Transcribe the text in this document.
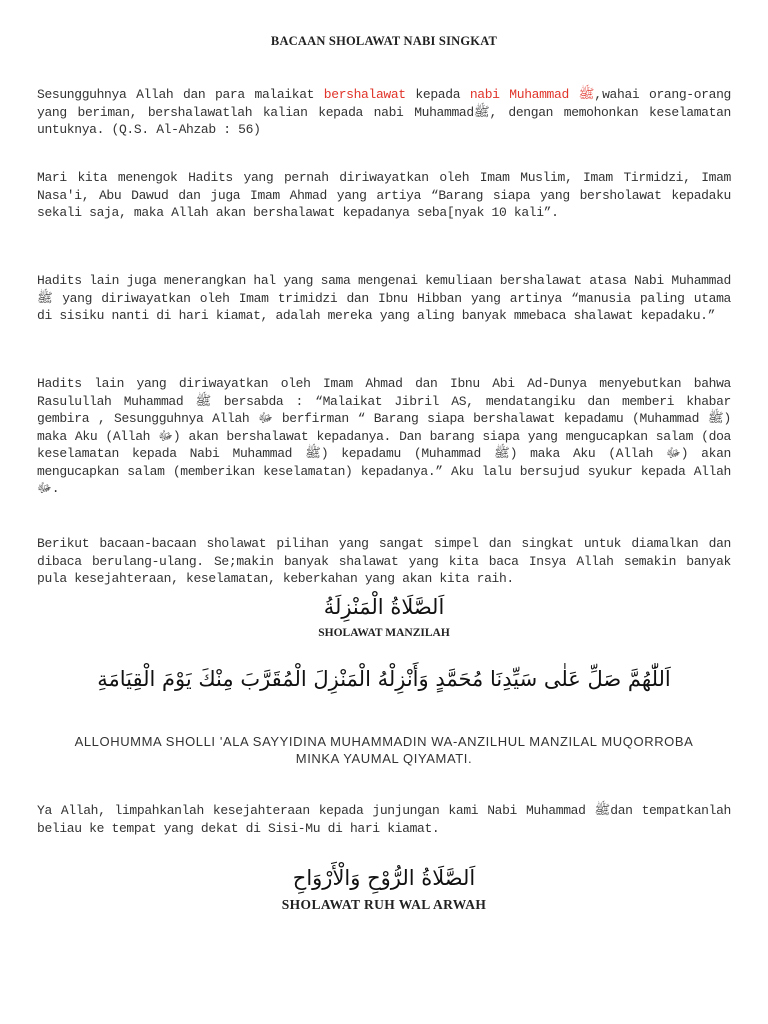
BACAAN SHOLAWAT NABI SINGKAT
Sesungguhnya Allah dan para malaikat bershalawat kepada nabi Muhammad ﷺ,wahai orang-orang yang beriman, bershalawatlah kalian kepada nabi Muhammadﷺ, dengan memohonkan keselamatan untuknya. (Q.S. Al-Ahzab : 56)
Mari kita menengok Hadits yang pernah diriwayatkan oleh Imam Muslim, Imam Tirmidzi, Imam Nasa'i, Abu Dawud dan juga Imam Ahmad yang artiya “Barang siapa yang bersholawat kepadaku sekali saja, maka Allah akan bershalawat kepadanya seba[nyak 10 kali”.
Hadits lain juga menerangkan hal yang sama mengenai kemuliaan bershalawat atasa Nabi Muhammad ﷺ yang diriwayatkan oleh Imam trimidzi dan Ibnu Hibban yang artinya “manusia paling utama di sisiku nanti di hari kiamat, adalah mereka yang aling banyak mmebaca shalawat kepadaku.”
Hadits lain yang diriwayatkan oleh Imam Ahmad dan Ibnu Abi Ad-Dunya menyebutkan bahwa Rasulullah Muhammad ﷺ bersabda : “Malaikat Jibril AS, mendatangiku dan memberi khabar gembira , Sesungguhnya Allah ﷻ berfirman “ Barang siapa bershalawat kepadamu (Muhammad ﷺ) maka Aku (Allah ﷻ) akan bershalawat kepadanya. Dan barang siapa yang mengucapkan salam (doa keselamatan kepada Nabi Muhammad ﷺ) kepadamu (Muhammad ﷺ) maka Aku (Allah ﷻ) akan mengucapkan salam (memberikan keselamatan) kepadanya.” Aku lalu bersujud syukur kepada Allah ﷻ.
Berikut bacaan-bacaan sholawat pilihan yang sangat simpel dan singkat untuk diamalkan dan dibaca berulang-ulang. Se;makin banyak shalawat yang kita baca Insya Allah semakin banyak pula kesejahteraan, keselamatan, keberkahan yang akan kita raih.
اَلصَّلَاةُ الْمَنْزِلَةُ
SHOLAWAT MANZILAH
اَللّٰهُمَّ صَلِّ عَلٰى سَيِّدِنَا مُحَمَّدٍ وَأَنْزِلْهُ الْمَنْزِلَ الْمُقَرَّبَ مِنْكَ يَوْمَ الْقِيَامَةِ
ALLOHUMMA SHOLLI 'ALA SAYYIDINA MUHAMMADIN WA-ANZILHUL MANZILAL MUQORROBA MINKA YAUMAL QIYAMATI.
Ya Allah, limpahkanlah kesejahteraan kepada junjungan kami Nabi Muhammad ﷺdan tempatkanlah beliau ke tempat yang dekat di Sisi-Mu di hari kiamat.
اَلصَّلَاةُ الرُّوْحِ وَالْأَرْوَاحِ
SHOLAWAT RUH WAL ARWAH
